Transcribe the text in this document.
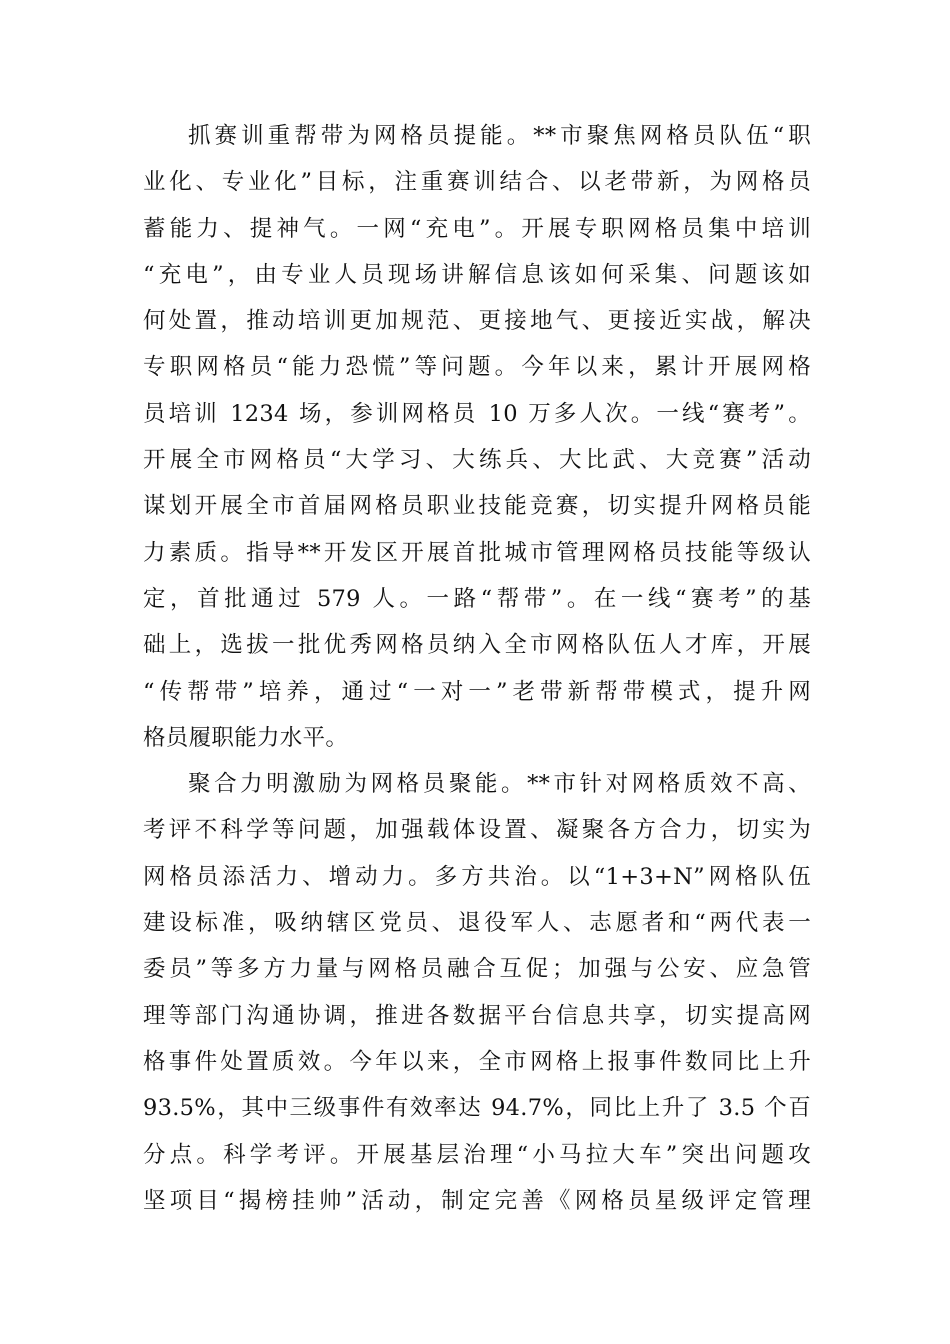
抓赛训重帮带为网格员提能。**市聚焦网格员队伍“职
业化、专业化”目标，注重赛训结合、以老带新，为网格员
蓄能力、提神气。一网“充电”。开展专职网格员集中培训
“充电”，由专业人员现场讲解信息该如何采集、问题该如
何处置，推动培训更加规范、更接地气、更接近实战，解决
专职网格员“能力恐慌”等问题。今年以来，累计开展网格
员培训 1234 场，参训网格员 10 万多人次。一线“赛考”。
开展全市网格员“大学习、大练兵、大比武、大竞赛”活动
谋划开展全市首届网格员职业技能竞赛，切实提升网格员能
力素质。指导**开发区开展首批城市管理网格员技能等级认
定，首批通过 579 人。一路“帮带”。在一线“赛考”的基
础上，选拔一批优秀网格员纳入全市网格队伍人才库，开展
“传帮带”培养，通过“一对一”老带新帮带模式，提升网
格员履职能力水平。
聚合力明激励为网格员聚能。**市针对网格质效不高、
考评不科学等问题，加强载体设置、凝聚各方合力，切实为
网格员添活力、增动力。多方共治。以“1+3+N”网格队伍
建设标准，吸纳辖区党员、退役军人、志愿者和“两代表一
委员”等多方力量与网格员融合互促；加强与公安、应急管
理等部门沟通协调，推进各数据平台信息共享，切实提高网
格事件处置质效。今年以来，全市网格上报事件数同比上升
93.5%，其中三级事件有效率达 94.7%，同比上升了 3.5 个百
分点。科学考评。开展基层治理“小马拉大车”突出问题攻
坚项目“揭榜挂帅”活动，制定完善《网格员星级评定管理
